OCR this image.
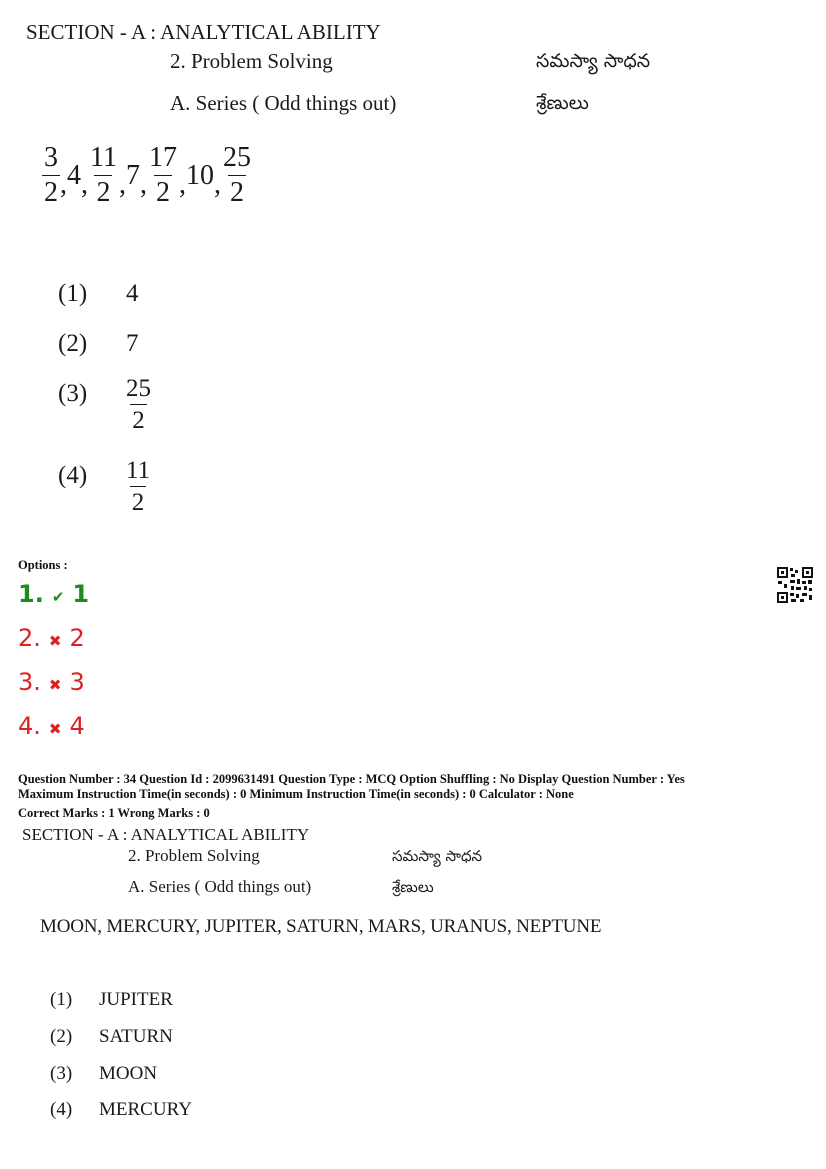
SECTION - A : ANALYTICAL ABILITY
2. Problem Solving	సమస్యా సాధన
A. Series ( Odd things out)	శ్రేణులు
$\frac{3}{2}$ , 4 , $\frac{11}{2}$ , 7 , $\frac{17}{2}$ , 10 , $\frac{25}{2}$
(1) 4
(2) 7
$(3) \frac{25}{2}$
$(4) \frac{11}{2}$
Options :
1. ✔ 1
2. ✖ 2
3. ✖ 3
4. ✖ 4
Question Number : 34 Question Id : 2099631491 Question Type : MCQ Option Shuffling : No Display Question Number : Yes
Maximum Instruction Time(in seconds) : 0 Minimum Instruction Time(in seconds) : 0 Calculator : None
Correct Marks : 1 Wrong Marks : 0
SECTION - A : ANALYTICAL ABILITY
2. Problem Solving	సమస్యా సాధన
A. Series ( Odd things out)	శ్రేణులు
MOON, MERCURY, JUPITER, SATURN, MARS, URANUS, NEPTUNE
(1) JUPITER
(2) SATURN
(3) MOON
(4) MERCURY
